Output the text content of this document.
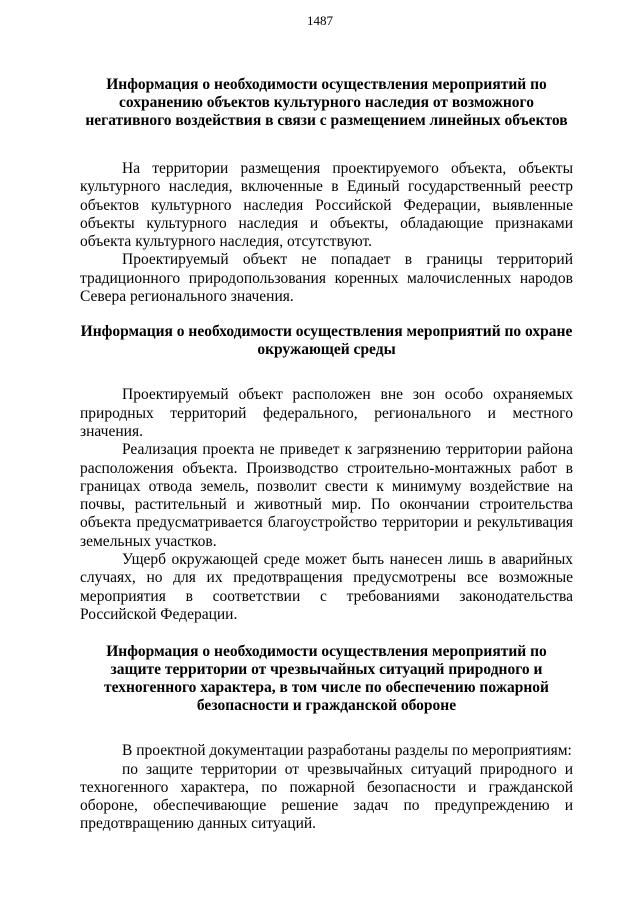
1487
Информация о необходимости осуществления мероприятий по сохранению объектов культурного наследия от возможного негативного воздействия в связи с размещением линейных объектов

На территории размещения проектируемого объекта, объекты культурного наследия, включенные в Единый государственный реестр объектов культурного наследия Российской Федерации, выявленные объекты культурного наследия и объекты, обладающие признаками объекта культурного наследия, отсутствуют.

Проектируемый объект не попадает в границы территорий традиционного природопользования коренных малочисленных народов Севера регионального значения.

Информация о необходимости осуществления мероприятий по охране окружающей среды

Проектируемый объект расположен вне зон особо охраняемых природных территорий федерального, регионального и местного значения.

Реализация проекта не приведет к загрязнению территории района расположения объекта. Производство строительно-монтажных работ в границах отвода земель, позволит свести к минимуму воздействие на почвы, растительный и животный мир. По окончании строительства объекта предусматривается благоустройство территории и рекультивация земельных участков.

Ущерб окружающей среде может быть нанесен лишь в аварийных случаях, но для их предотвращения предусмотрены все возможные мероприятия в соответствии с требованиями законодательства Российской Федерации.

Информация о необходимости осуществления мероприятий по защите территории от чрезвычайных ситуаций природного и техногенного характера, в том числе по обеспечению пожарной безопасности и гражданской обороне

В проектной документации разработаны разделы по мероприятиям:

по защите территории от чрезвычайных ситуаций природного и техногенного характера, по пожарной безопасности и гражданской обороне, обеспечивающие решение задач по предупреждению и предотвращению данных ситуаций.
